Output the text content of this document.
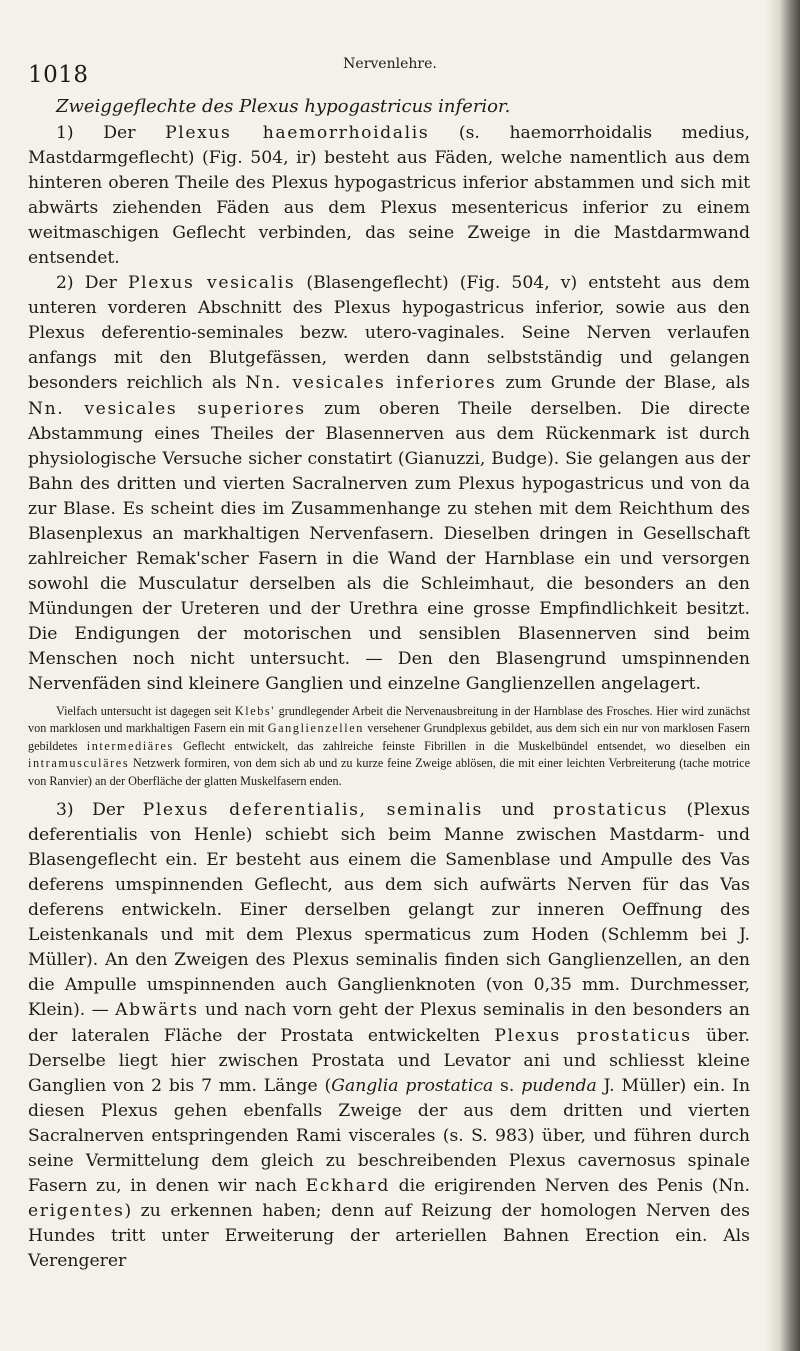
1018	Nervenlehre.
Zweiggeflechte des Plexus hypogastricus inferior.

1) Der Plexus haemorrhoidalis (s. haemorrhoidalis medius, Mastdarmgeflecht) (Fig. 504, ir) besteht aus Fäden, welche namentlich aus dem hinteren oberen Theile des Plexus hypogastricus inferior abstammen und sich mit abwärts ziehenden Fäden aus dem Plexus mesentericus inferior zu einem weitmaschigen Geflecht verbinden, das seine Zweige in die Mastdarmwand entsendet.

2) Der Plexus vesicalis (Blasengeflecht) (Fig. 504, v) entsteht aus dem unteren vorderen Abschnitt des Plexus hypogastricus inferior, sowie aus den Plexus deferentio-seminales bezw. utero-vaginales. Seine Nerven verlaufen anfangs mit den Blutgefässen, werden dann selbstständig und gelangen besonders reichlich als Nn. vesicales inferiores zum Grunde der Blase, als Nn. vesicales superiores zum oberen Theile derselben. Die directe Abstammung eines Theiles der Blasennerven aus dem Rückenmark ist durch physiologische Versuche sicher constatirt (Gianuzzi, Budge). Sie gelangen aus der Bahn des dritten und vierten Sacralnerven zum Plexus hypogastricus und von da zur Blase. Es scheint dies im Zusammenhange zu stehen mit dem Reichthum des Blasenplexus an markhaltigen Nervenfasern. Dieselben dringen in Gesellschaft zahlreicher Remak'scher Fasern in die Wand der Harnblase ein und versorgen sowohl die Musculatur derselben als die Schleimhaut, die besonders an den Mündungen der Ureteren und der Urethra eine grosse Empfindlichkeit besitzt. Die Endigungen der motorischen und sensiblen Blasennerven sind beim Menschen noch nicht untersucht. — Den den Blasengrund umspinnenden Nervenfäden sind kleinere Ganglien und einzelne Ganglienzellen angelagert.

Vielfach untersucht ist dagegen seit Klebs' grundlegender Arbeit die Nervenausbreitung in der Harnblase des Frosches. Hier wird zunächst von marklosen und markhaltigen Fasern ein mit Ganglienzellen versehener Grundplexus gebildet, aus dem sich ein nur von marklosen Fasern gebildetes intermediäres Geflecht entwickelt, das zahlreiche feinste Fibrillen in die Muskelbündel entsendet, wo dieselben ein intramusculäres Netzwerk formiren, von dem sich ab und zu kurze feine Zweige ablösen, die mit einer leichten Verbreiterung (tache motrice von Ranvier) an der Oberfläche der glatten Muskelfasern enden.

3) Der Plexus deferentialis, seminalis und prostaticus (Plexus deferentialis von Henle) schiebt sich beim Manne zwischen Mastdarm- und Blasengeflecht ein. Er besteht aus einem die Samenblase und Ampulle des Vas deferens umspinnenden Geflecht, aus dem sich aufwärts Nerven für das Vas deferens entwickeln. Einer derselben gelangt zur inneren Oeffnung des Leistenkanals und mit dem Plexus spermaticus zum Hoden (Schlemm bei J. Müller). An den Zweigen des Plexus seminalis finden sich Ganglienzellen, an den die Ampulle umspinnenden auch Ganglienknoten (von 0,35 mm. Durchmesser, Klein). — Abwärts und nach vorn geht der Plexus seminalis in den besonders an der lateralen Fläche der Prostata entwickelten Plexus prostaticus über. Derselbe liegt hier zwischen Prostata und Levator ani und schliesst kleine Ganglien von 2 bis 7 mm. Länge (Ganglia prostatica s. pudenda J. Müller) ein. In diesen Plexus gehen ebenfalls Zweige der aus dem dritten und vierten Sacralnerven entspringenden Rami viscerales (s. S. 983) über, und führen durch seine Vermittelung dem gleich zu beschreibenden Plexus cavernosus spinale Fasern zu, in denen wir nach Eckhard die erigirenden Nerven des Penis (Nn. erigentes) zu erkennen haben; denn auf Reizung der homologen Nerven des Hundes tritt unter Erweiterung der arteriellen Bahnen Erection ein. Als Verengerer
